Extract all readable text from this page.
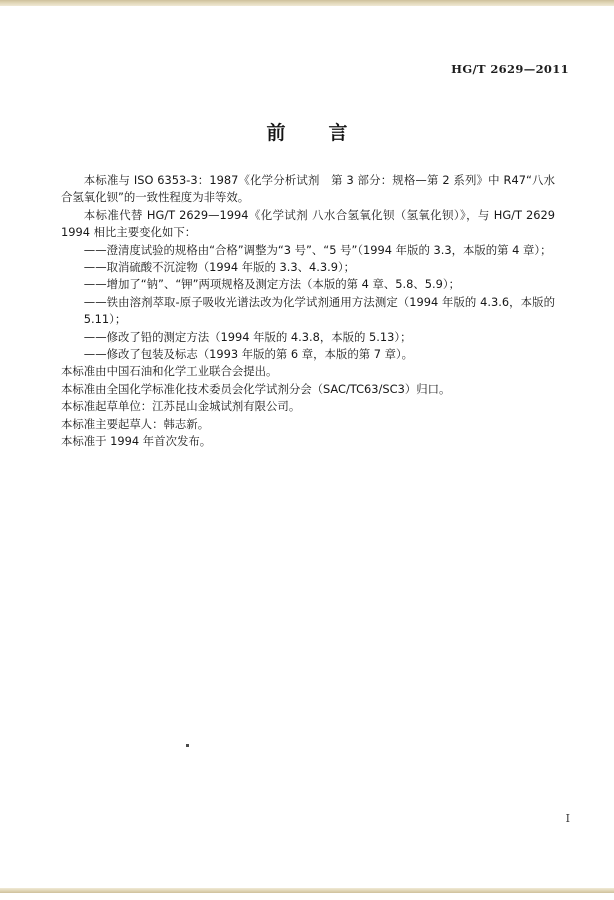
HG/T 2629—2011
前　言

本标准与 ISO 6353-3：1987《化学分析试剂　第 3 部分：规格—第 2 系列》中 R47“八水合氢氧化钡”的一致性程度为非等效。

本标准代替 HG/T 2629—1994《化学试剂 八水合氢氧化钡（氢氧化钡）》，与 HG/T 2629　1994 相比主要变化如下：

——澄清度试验的规格由“合格”调整为“3 号”、“5 号”（1994 年版的 3.3，本版的第 4 章）；

——取消硫酸不沉淀物（1994 年版的 3.3、4.3.9）；

——增加了“钠”、“钾”两项规格及测定方法（本版的第 4 章、5.8、5.9）；

——铁由溶剂萃取-原子吸收光谱法改为化学试剂通用方法测定（1994 年版的 4.3.6，本版的 5.11）；

——修改了铅的测定方法（1994 年版的 4.3.8，本版的 5.13）；

——修改了包装及标志（1993 年版的第 6 章，本版的第 7 章）。

本标准由中国石油和化学工业联合会提出。

本标准由全国化学标准化技术委员会化学试剂分会（SAC/TC63/SC3）归口。

本标准起草单位：江苏昆山金城试剂有限公司。

本标准主要起草人：韩志新。

本标准于 1994 年首次发布。

I
